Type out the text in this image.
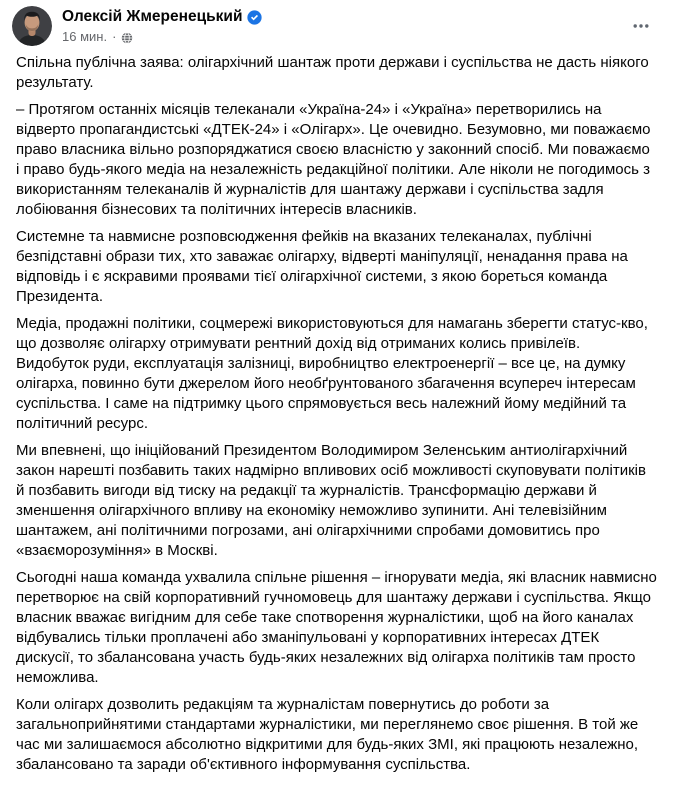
Олексій Жмеренецький
16 мин. ·

Спільна публічна заява: олігархічний шантаж проти держави і суспільства не дасть ніякого результату.

– Протягом останніх місяців телеканали «Україна-24» і «Україна» перетворились на відверто пропагандистські «ДТЕК-24» і «Олігарх». Це очевидно. Безумовно, ми поважаємо право власника вільно розпоряджатися своєю власністю у законний спосіб. Ми поважаємо і право будь-якого медіа на незалежність редакційної політики. Але ніколи не погодимось з використанням телеканалів й журналістів для шантажу держави і суспільства задля лобіювання бізнесових та політичних інтересів власників.

Системне та навмисне розповсюдження фейків на вказаних телеканалах, публічні безпідставні образи тих, хто заважає олігарху, відверті маніпуляції, ненадання права на відповідь і є яскравими проявами тієї олігархічної системи, з якою бореться команда Президента.

Медіа, продажні політики, соцмережі використовуються для намагань зберегти статус-кво, що дозволяє олігарху отримувати рентний дохід від отриманих колись привілеїв. Видобуток руди, експлуатація залізниці, виробництво електроенергії – все це, на думку олігарха, повинно бути джерелом його необґрунтованого збагачення всупереч інтересам суспільства. І саме на підтримку цього спрямовується весь належний йому медійний та політичний ресурс.

Ми впевнені, що ініційований Президентом Володимиром Зеленським антиолігархічний закон нарешті позбавить таких надмірно впливових осіб можливості скуповувати політиків й позбавить вигоди від тиску на редакції та журналістів. Трансформацію держави й зменшення олігархічного впливу на економіку неможливо зупинити. Ані телевізійним шантажем, ані політичними погрозами, ані олігархічними спробами домовитись про «взаєморозуміння» в Москві.

Сьогодні наша команда ухвалила спільне рішення – ігнорувати медіа, які власник навмисно перетворює на свій корпоративний гучномовець для шантажу держави і суспільства. Якщо власник вважає вигідним для себе таке спотворення журналістики, щоб на його каналах відбувались тільки проплачені або зманіпульовані у корпоративних інтересах ДТЕК дискусії, то збалансована участь будь-яких незалежних від олігарха політиків там просто неможлива.

Коли олігарх дозволить редакціям та журналістам повернутись до роботи за загальноприйнятими стандартами журналістики, ми переглянемо своє рішення. В той же час ми залишаємося абсолютно відкритими для будь-яких ЗМІ, які працюють незалежно, збалансовано та заради об'єктивного інформування суспільства.
